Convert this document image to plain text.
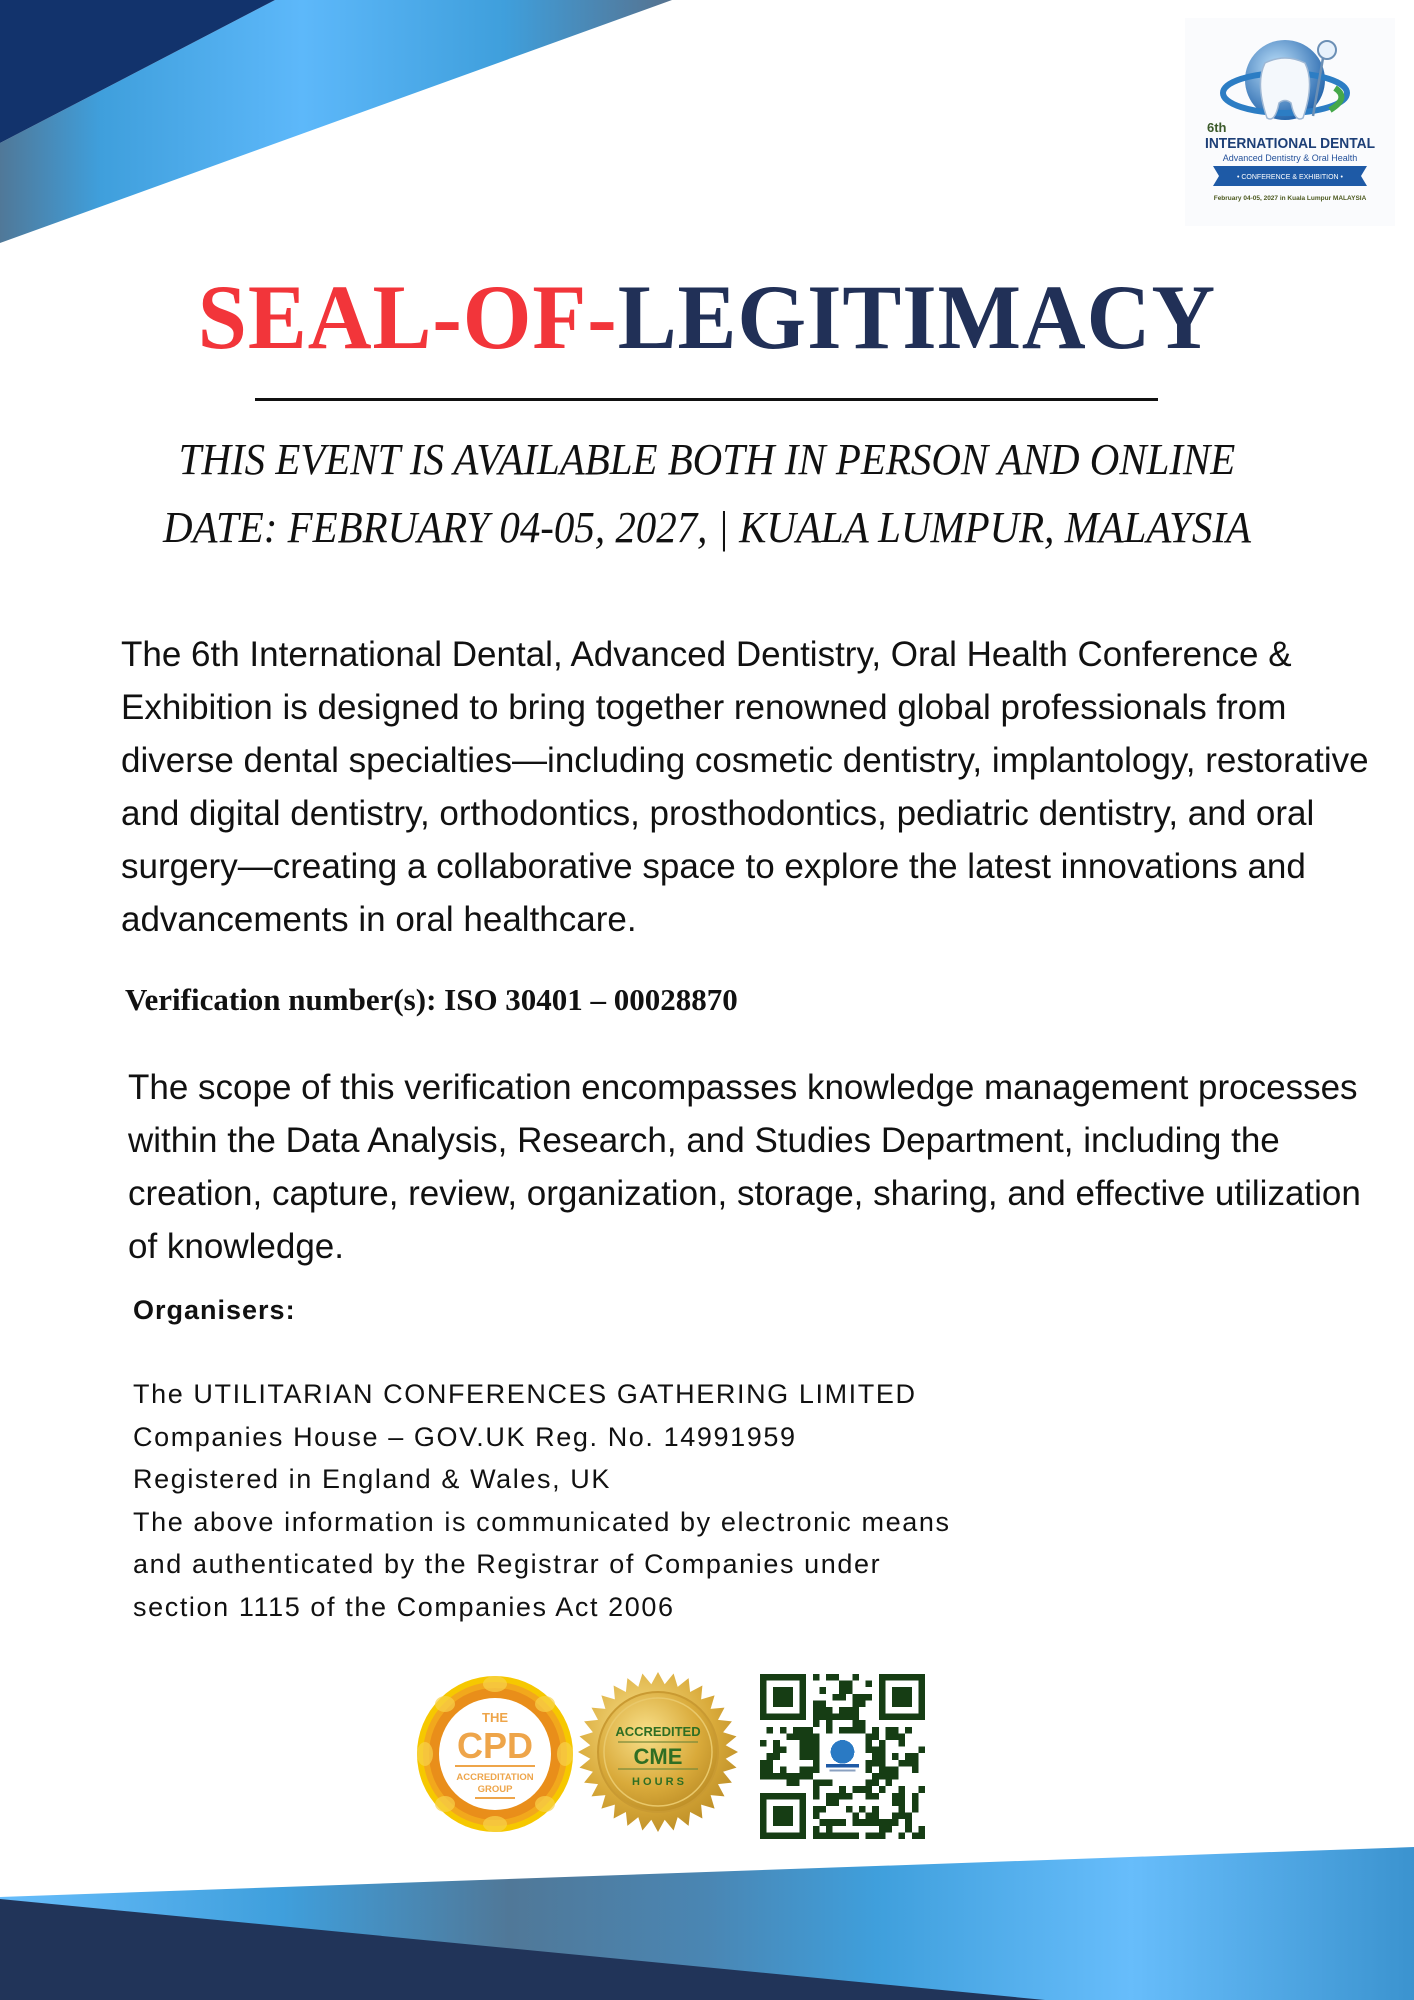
6th
INTERNATIONAL DENTAL
Advanced Dentistry & Oral Health
• CONFERENCE & EXHIBITION •
February 04-05, 2027 in Kuala Lumpur MALAYSIA
SEAL-OF-LEGITIMACY
THIS EVENT IS AVAILABLE BOTH IN PERSON AND ONLINE
DATE: FEBRUARY 04-05, 2027, | KUALA LUMPUR, MALAYSIA
The 6th International Dental, Advanced Dentistry, Oral Health Conference & Exhibition is designed to bring together renowned global professionals from diverse dental specialties—including cosmetic dentistry, implantology, restorative and digital dentistry, orthodontics, prosthodontics, pediatric dentistry, and oral surgery—creating a collaborative space to explore the latest innovations and advancements in oral healthcare.
Verification number(s): ISO 30401 – 00028870
The scope of this verification encompasses knowledge management processes within the Data Analysis, Research, and Studies Department, including the creation, capture, review, organization, storage, sharing, and effective utilization of knowledge.
Organisers:
The UTILITARIAN CONFERENCES GATHERING LIMITED
Companies House – GOV.UK Reg. No. 14991959
Registered in England & Wales, UK
The above information is communicated by electronic means
and authenticated by the Registrar of Companies under
section 1115 of the Companies Act 2006
THE
CPD
ACCREDITATION
GROUP
ACCREDITED
CME
H O U R S
